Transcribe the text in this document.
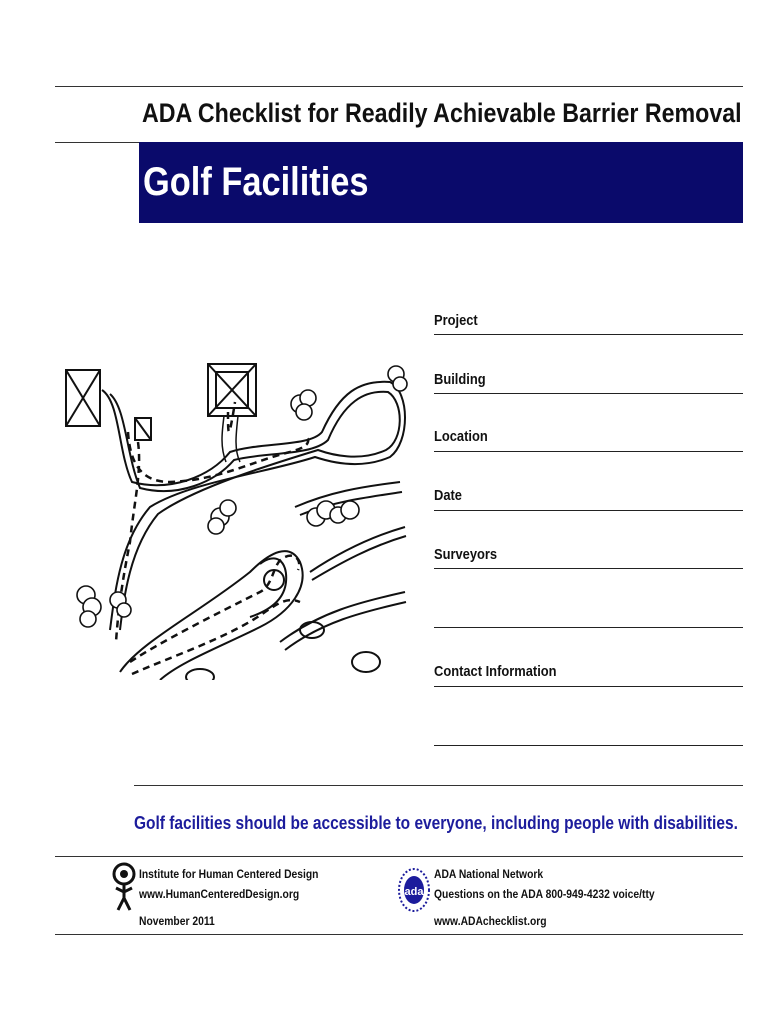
ADA Checklist for Readily Achievable Barrier Removal
Golf Facilities
Project
Building
Location
Date
Surveyors
Contact Information
Golf facilities should be accessible to everyone, including people with disabilities.
Institute for Human Centered Design
www.HumanCenteredDesign.org
November 2011
ada
ADA National Network
Questions on the ADA 800-949-4232 voice/tty
www.ADAchecklist.org
